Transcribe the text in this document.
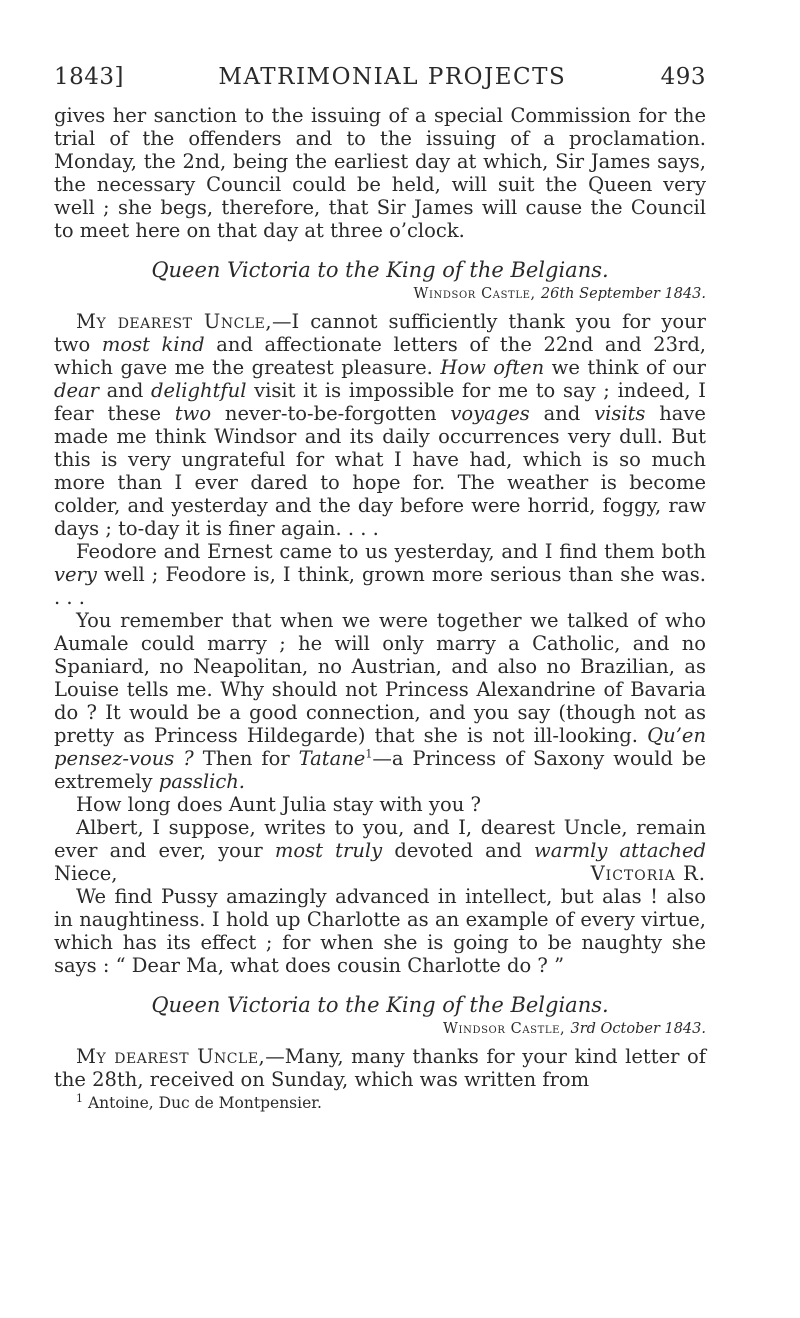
1843]	MATRIMONIAL PROJECTS	493

gives her sanction to the issuing of a special Commission for the trial of the offenders and to the issuing of a proclamation. Monday, the 2nd, being the earliest day at which, Sir James says, the necessary Council could be held, will suit the Queen very well ; she begs, therefore, that Sir James will cause the Council to meet here on that day at three o’clock.

Queen Victoria to the King of the Belgians.
Windsor Castle, 26th September 1843.

My dearest Uncle,—I cannot sufficiently thank you for your two most kind and affectionate letters of the 22nd and 23rd, which gave me the greatest pleasure. How often we think of our dear and delightful visit it is impossible for me to say ; indeed, I fear these two never-to-be-forgotten voyages and visits have made me think Windsor and its daily occurrences very dull. But this is very ungrateful for what I have had, which is so much more than I ever dared to hope for. The weather is become colder, and yesterday and the day before were horrid, foggy, raw days ; to-day it is finer again. . . .

Feodore and Ernest came to us yesterday, and I find them both very well ; Feodore is, I think, grown more serious than she was. . . .

You remember that when we were together we talked of who Aumale could marry ; he will only marry a Catholic, and no Spaniard, no Neapolitan, no Austrian, and also no Brazilian, as Louise tells me. Why should not Princess Alexandrine of Bavaria do ? It would be a good connection, and you say (though not as pretty as Princess Hildegarde) that she is not ill-looking. Qu’en pensez-vous ? Then for Tatane$^1$—a Princess of Saxony would be extremely passlich.

How long does Aunt Julia stay with you ?

Albert, I suppose, writes to you, and I, dearest Uncle, remain ever and ever, your most truly devoted and warmly attached Niece,	Victoria R.

We find Pussy amazingly advanced in intellect, but alas ! also in naughtiness. I hold up Charlotte as an example of every virtue, which has its effect ; for when she is going to be naughty she says : “ Dear Ma, what does cousin Charlotte do ? ”

Queen Victoria to the King of the Belgians.
Windsor Castle, 3rd October 1843.

My dearest Uncle,—Many, many thanks for your kind letter of the 28th, received on Sunday, which was written from

$^1$ Antoine, Duc de Montpensier.
